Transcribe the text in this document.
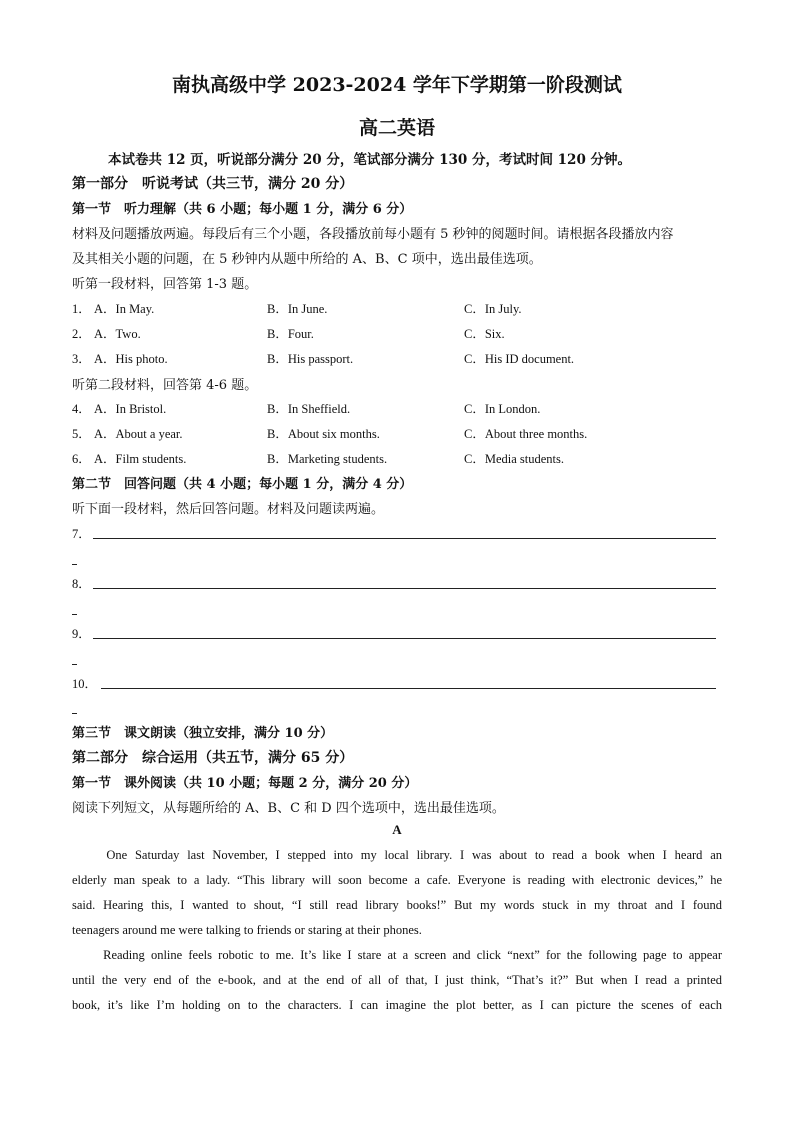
南执高级中学 2023-2024 学年下学期第一阶段测试
高二英语
本试卷共 12 页，听说部分满分 20 分，笔试部分满分 130 分，考试时间 120 分钟。
第一部分　听说考试（共三节，满分 20 分）
第一节　听力理解（共 6 小题；每小题 1 分，满分 6 分）
材料及问题播放两遍。每段后有三个小题，各段播放前每小题有 5 秒钟的阅题时间。请根据各段播放内容
及其相关小题的问题，在 5 秒钟内从题中所给的 A、B、C 项中，选出最佳选项。
听第一段材料，回答第 1-3 题。
1． A．In May.	B．In June.	C．In July.
2． A．Two.	B．Four.	C．Six.
3． A．His photo.	B．His passport.	C．His ID document.
听第二段材料，回答第 4-6 题。
4． A．In Bristol.	B．In Sheffield.	C．In London.
5． A．About a year.	B．About six months.	C．About three months.
6． A．Film students.	B．Marketing students.	C．Media students.
第二节　回答问题（共 4 小题；每小题 1 分，满分 4 分）
听下面一段材料，然后回答问题。材料及问题读两遍。
7．
8．
9．
10．
第三节　课文朗读（独立安排，满分 10 分）
第二部分　综合运用（共五节，满分 65 分）
第一节　课外阅读（共 10 小题；每题 2 分，满分 20 分）
阅读下列短文，从每题所给的 A、B、C 和 D 四个选项中，选出最佳选项。
A
　　One Saturday last November, I stepped into my local library. I was about to read a book when I heard an
elderly man speak to a lady. “This library will soon become a cafe. Everyone is reading with electronic devices,” he
said. Hearing this, I wanted to shout, “I still read library books!” But my words stuck in my throat and I found
teenagers around me were talking to friends or staring at their phones.
　　Reading online feels robotic to me. It’s like I stare at a screen and click “next” for the following page to appear
until the very end of the e-book, and at the end of all of that, I just think, “That’s it?” But when I read a printed
book, it’s like I’m holding on to the characters. I can imagine the plot better, as I can picture the scenes of each
